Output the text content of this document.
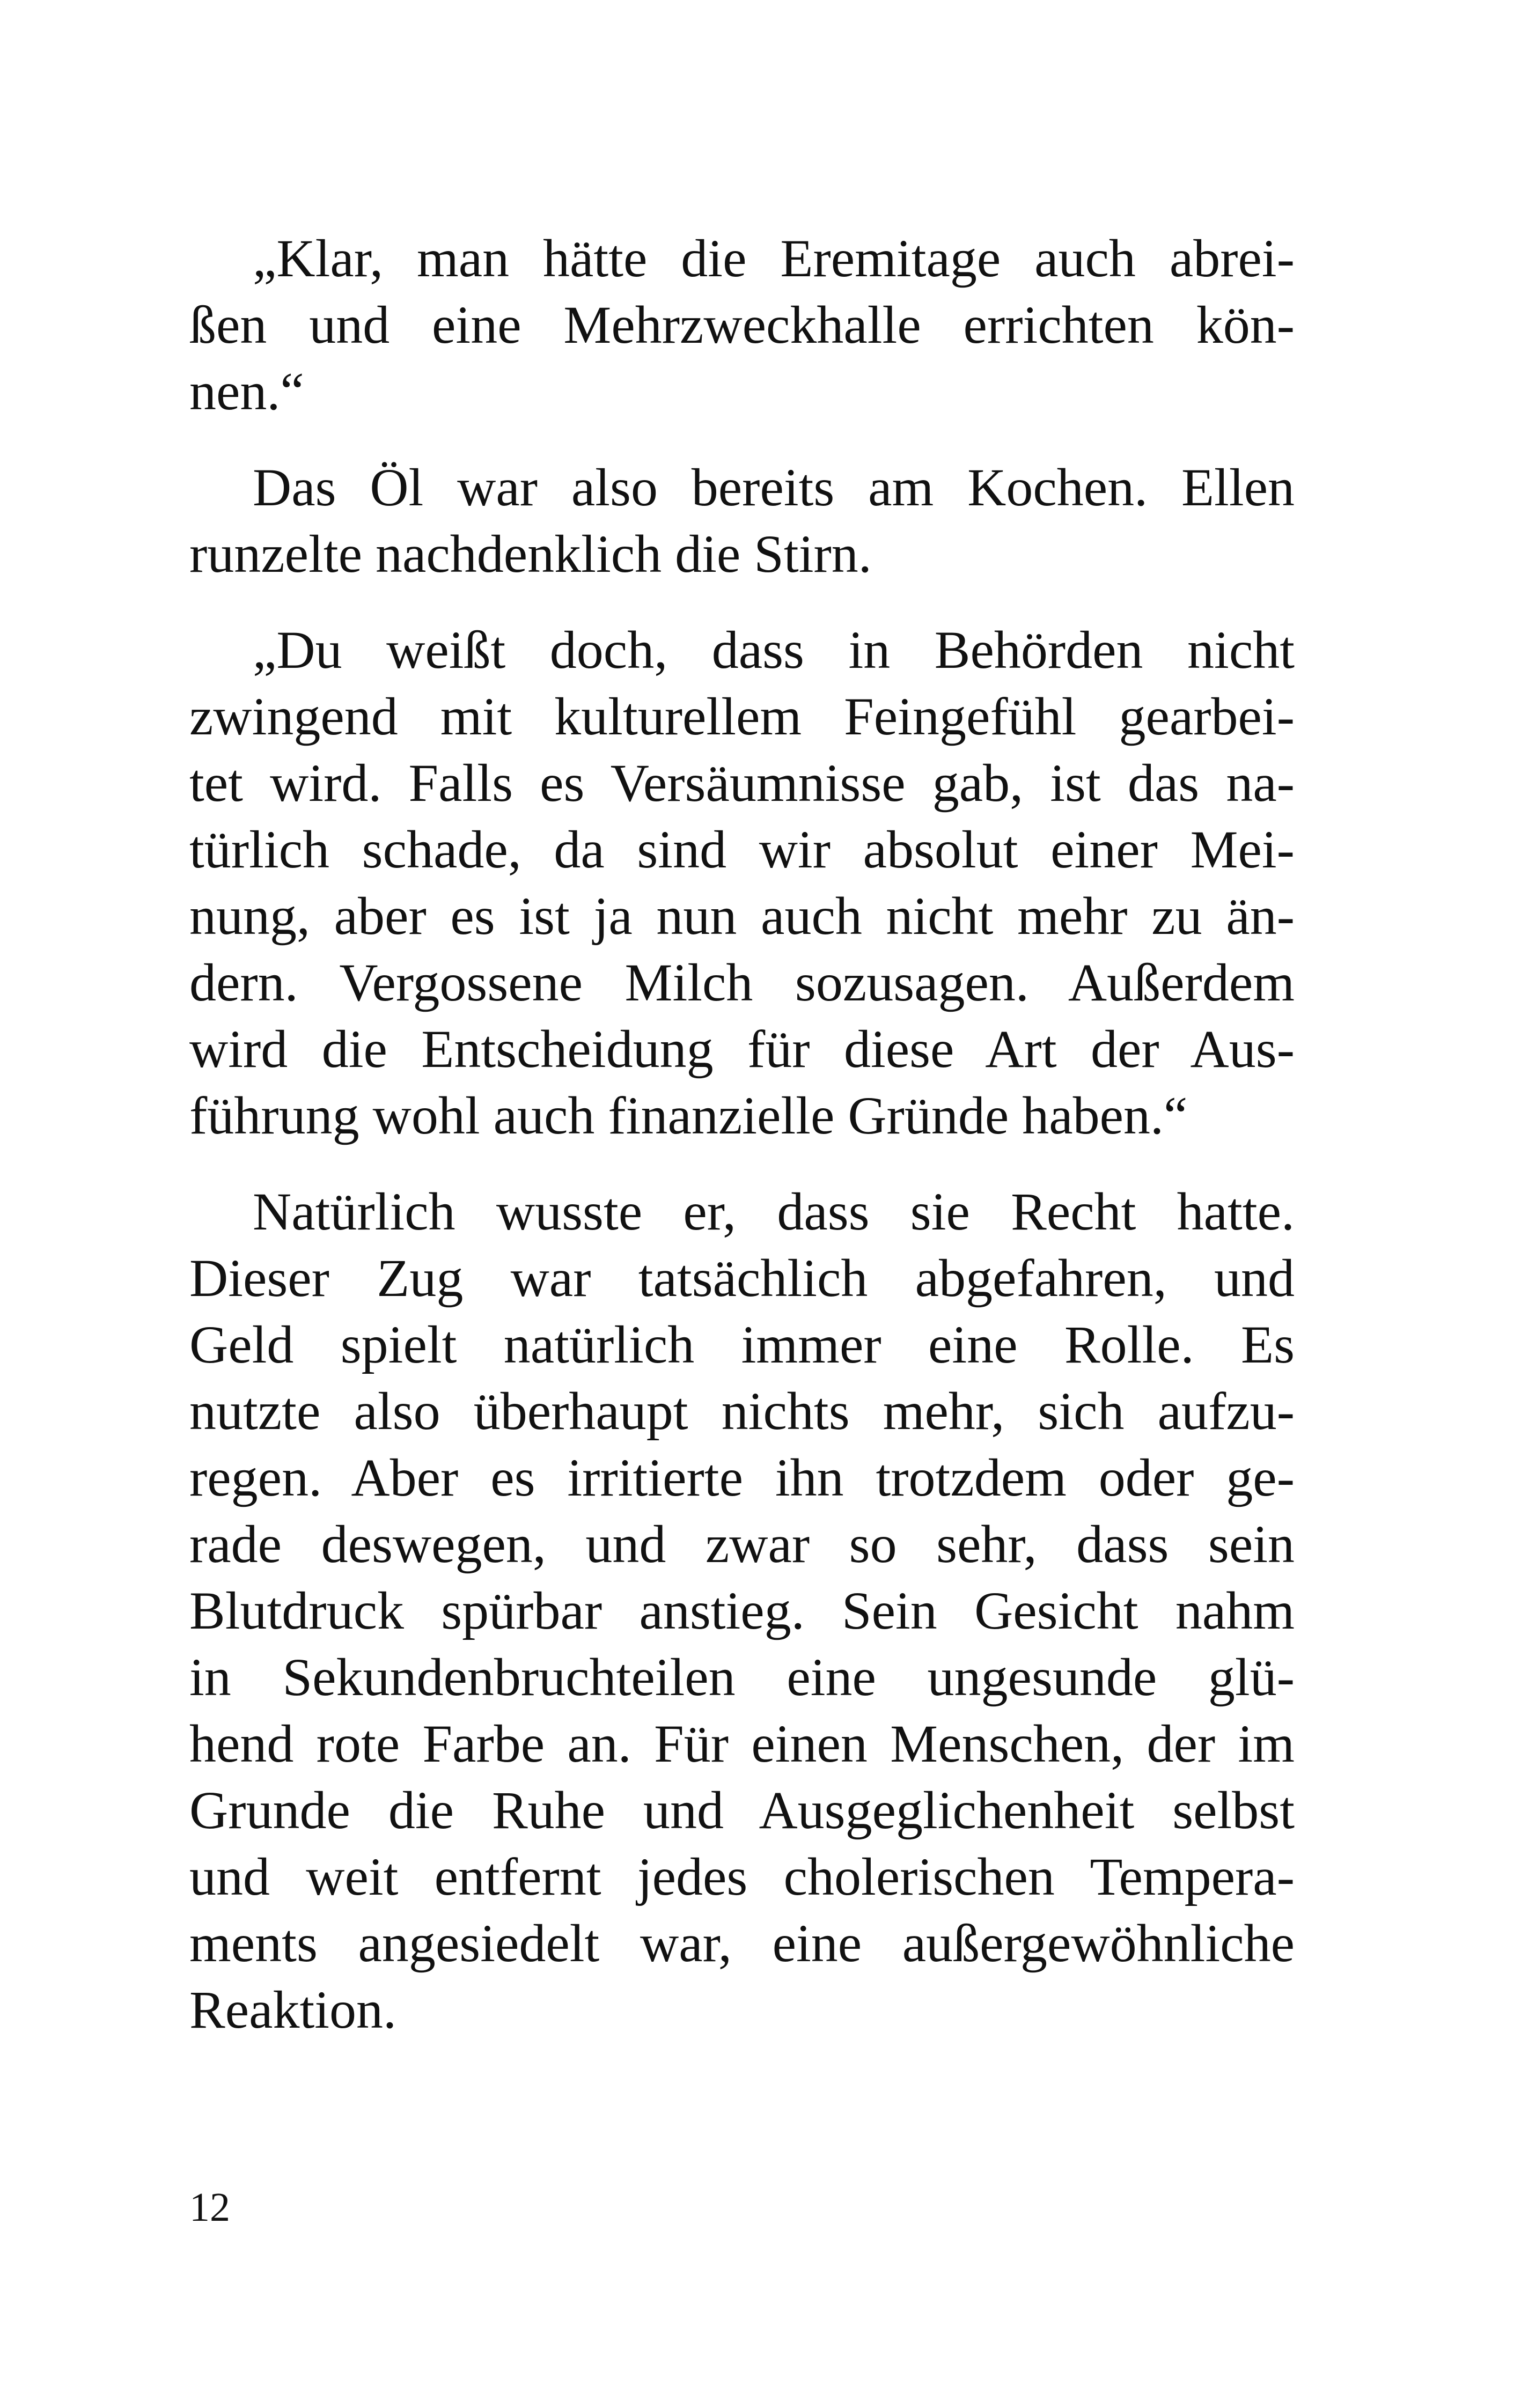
„Klar, man hätte die Eremitage auch abrei-
ßen und eine Mehrzweckhalle errichten kön-
nen.“
Das Öl war also bereits am Kochen. Ellen
runzelte nachdenklich die Stirn.
„Du weißt doch, dass in Behörden nicht
zwingend mit kulturellem Feingefühl gearbei-
tet wird. Falls es Versäumnisse gab, ist das na-
türlich schade, da sind wir absolut einer Mei-
nung, aber es ist ja nun auch nicht mehr zu än-
dern. Vergossene Milch sozusagen. Außerdem
wird die Entscheidung für diese Art der Aus-
führung wohl auch finanzielle Gründe haben.“
Natürlich wusste er, dass sie Recht hatte.
Dieser Zug war tatsächlich abgefahren, und
Geld spielt natürlich immer eine Rolle. Es
nutzte also überhaupt nichts mehr, sich aufzu-
regen. Aber es irritierte ihn trotzdem oder ge-
rade deswegen, und zwar so sehr, dass sein
Blutdruck spürbar anstieg. Sein Gesicht nahm
in Sekundenbruchteilen eine ungesunde glü-
hend rote Farbe an. Für einen Menschen, der im
Grunde die Ruhe und Ausgeglichenheit selbst
und weit entfernt jedes cholerischen Tempera-
ments angesiedelt war, eine außergewöhnliche
Reaktion.
12
